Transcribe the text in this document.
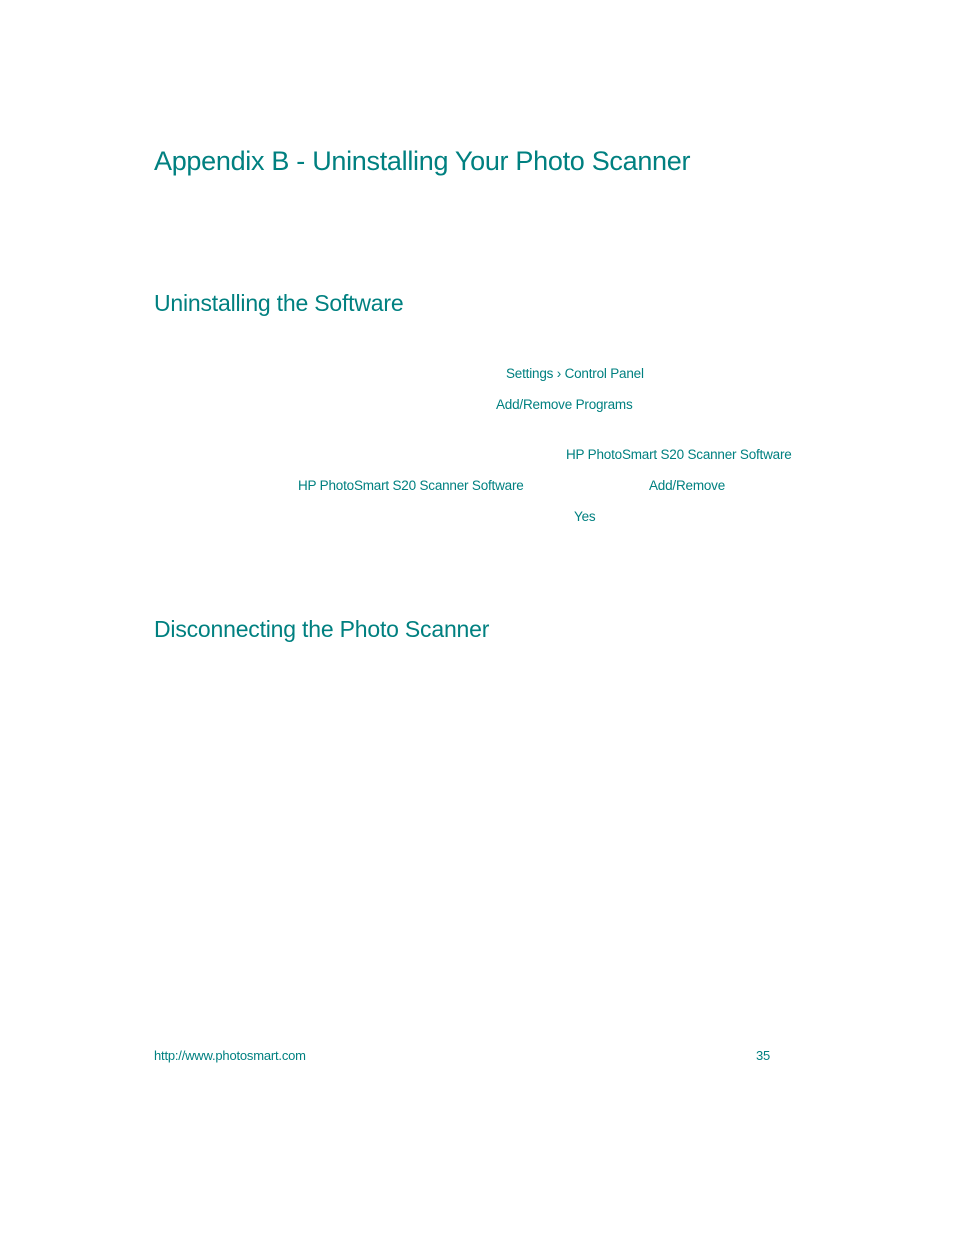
Appendix B - Uninstalling Your Photo Scanner
Uninstalling the Software
Settings › Control Panel
Add/Remove Programs
HP PhotoSmart S20 Scanner Software
HP PhotoSmart S20 Scanner Software	Add/Remove
Yes
Disconnecting the Photo Scanner
http://www.photosmart.com	35
